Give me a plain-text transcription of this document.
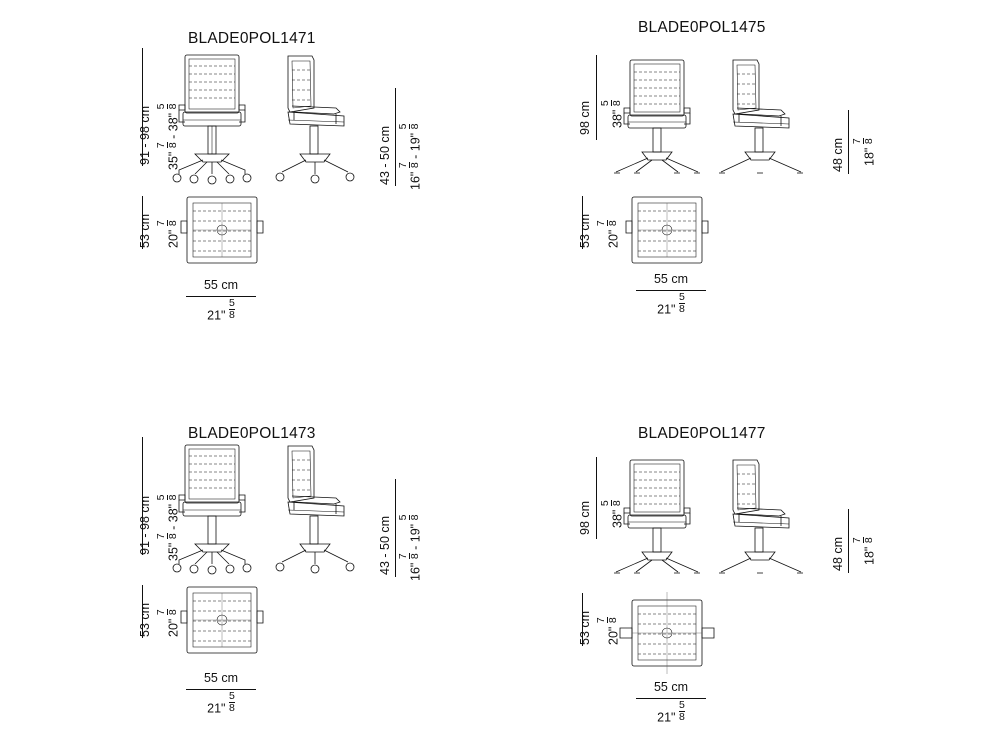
BLADE0POL1471
91 - 98 cm	35"
7 8
- 38"
5 8
43 - 50 cm	16"
7 8
- 19"
5 8
53 cm	20"
7 8
55 cm
21" $\frac{5}{8}$
BLADE0POL1475
98 cm	38"
5 8
48 cm	18"
7 8
53 cm	20"
7 8
55 cm
21" $\frac{5}{8}$
BLADE0POL1473
91 - 98 cm	35"
7 8
- 38"
5 8
43 - 50 cm	16"
7 8
- 19"
5 8
53 cm	20"
7 8
55 cm
21" $\frac{5}{8}$
BLADE0POL1477
98 cm	38"
5 8
48 cm	18"
7 8
53 cm	20"
7 8
55 cm
21" $\frac{5}{8}$
